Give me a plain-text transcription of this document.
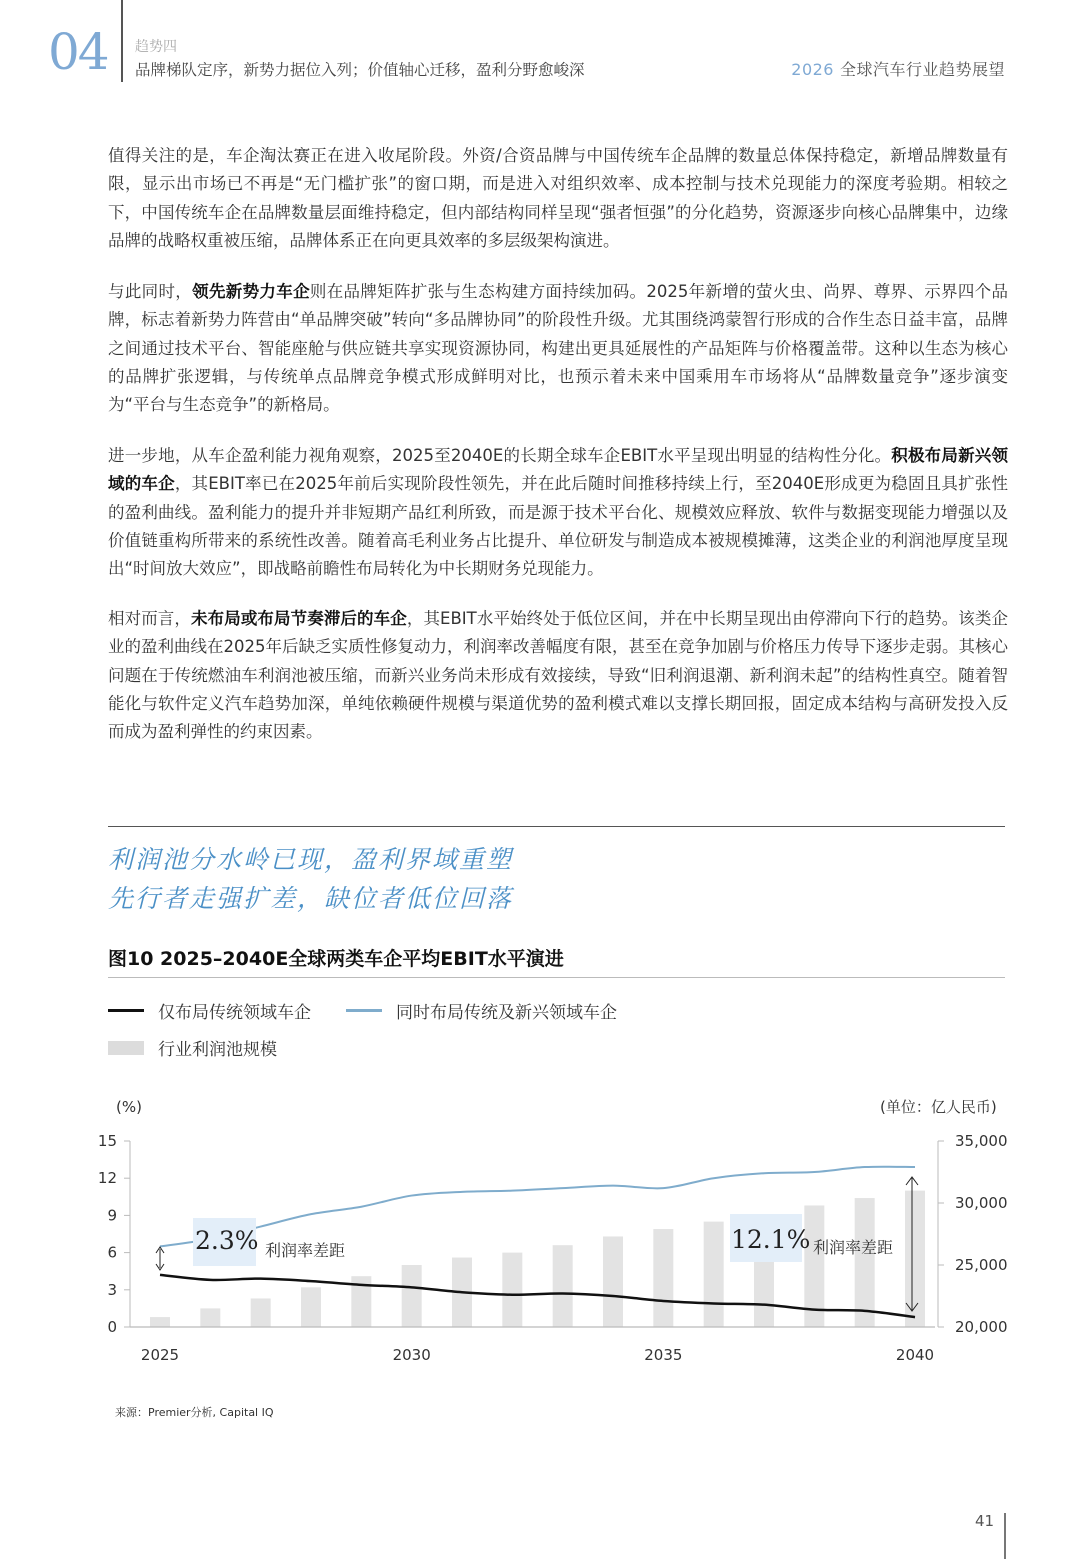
04 趋势四
品牌梯队定序，新势力据位入列；价值轴心迁移，盈利分野愈峻深	2026 全球汽车行业趋势展望

值得关注的是，车企淘汰赛正在进入收尾阶段。外资/合资品牌与中国传统车企品牌的数量总体保持稳定，新增品牌数量有限，显示出市场已不再是“无门槛扩张”的窗口期，而是进入对组织效率、成本控制与技术兑现能力的深度考验期。相较之下，中国传统车企在品牌数量层面维持稳定，但内部结构同样呈现“强者恒强”的分化趋势，资源逐步向核心品牌集中，边缘品牌的战略权重被压缩，品牌体系正在向更具效率的多层级架构演进。

与此同时，领先新势力车企则在品牌矩阵扩张与生态构建方面持续加码。2025年新增的萤火虫、尚界、尊界、示界四个品牌，标志着新势力阵营由“单品牌突破”转向“多品牌协同”的阶段性升级。尤其围绕鸿蒙智行形成的合作生态日益丰富，品牌之间通过技术平台、智能座舱与供应链共享实现资源协同，构建出更具延展性的产品矩阵与价格覆盖带。这种以生态为核心的品牌扩张逻辑，与传统单点品牌竞争模式形成鲜明对比，也预示着未来中国乘用车市场将从“品牌数量竞争”逐步演变为“平台与生态竞争”的新格局。

进一步地，从车企盈利能力视角观察，2025至2040E的长期全球车企EBIT水平呈现出明显的结构性分化。积极布局新兴领域的车企，其EBIT率已在2025年前后实现阶段性领先，并在此后随时间推移持续上行，至2040E形成更为稳固且具扩张性的盈利曲线。盈利能力的提升并非短期产品红利所致，而是源于技术平台化、规模效应释放、软件与数据变现能力增强以及价值链重构所带来的系统性改善。随着高毛利业务占比提升、单位研发与制造成本被规模摊薄，这类企业的利润池厚度呈现出“时间放大效应”，即战略前瞻性布局转化为中长期财务兑现能力。

相对而言，未布局或布局节奏滞后的车企，其EBIT水平始终处于低位区间，并在中长期呈现出由停滞向下行的趋势。该类企业的盈利曲线在2025年后缺乏实质性修复动力，利润率改善幅度有限，甚至在竞争加剧与价格压力传导下逐步走弱。其核心问题在于传统燃油车利润池被压缩，而新兴业务尚未形成有效接续，导致“旧利润退潮、新利润未起”的结构性真空。随着智能化与软件定义汽车趋势加深，单纯依赖硬件规模与渠道优势的盈利模式难以支撑长期回报，固定成本结构与高研发投入反而成为盈利弹性的约束因素。

利润池分水岭已现，盈利界域重塑
先行者走强扩差，缺位者低位回落
图10 2025–2040E全球两类车企平均EBIT水平演进
仅布局传统领域车企	同时布局传统及新兴领域车企
行业利润池规模
(%)	(单位：亿人民币)
0
3
6
9
12
15
20,000
25,000
30,000
35,000
2025	2030	2035	2040
2.3% 利润率差距	12.1% 利润率差距
来源：Premier分析, Capital IQ
41
